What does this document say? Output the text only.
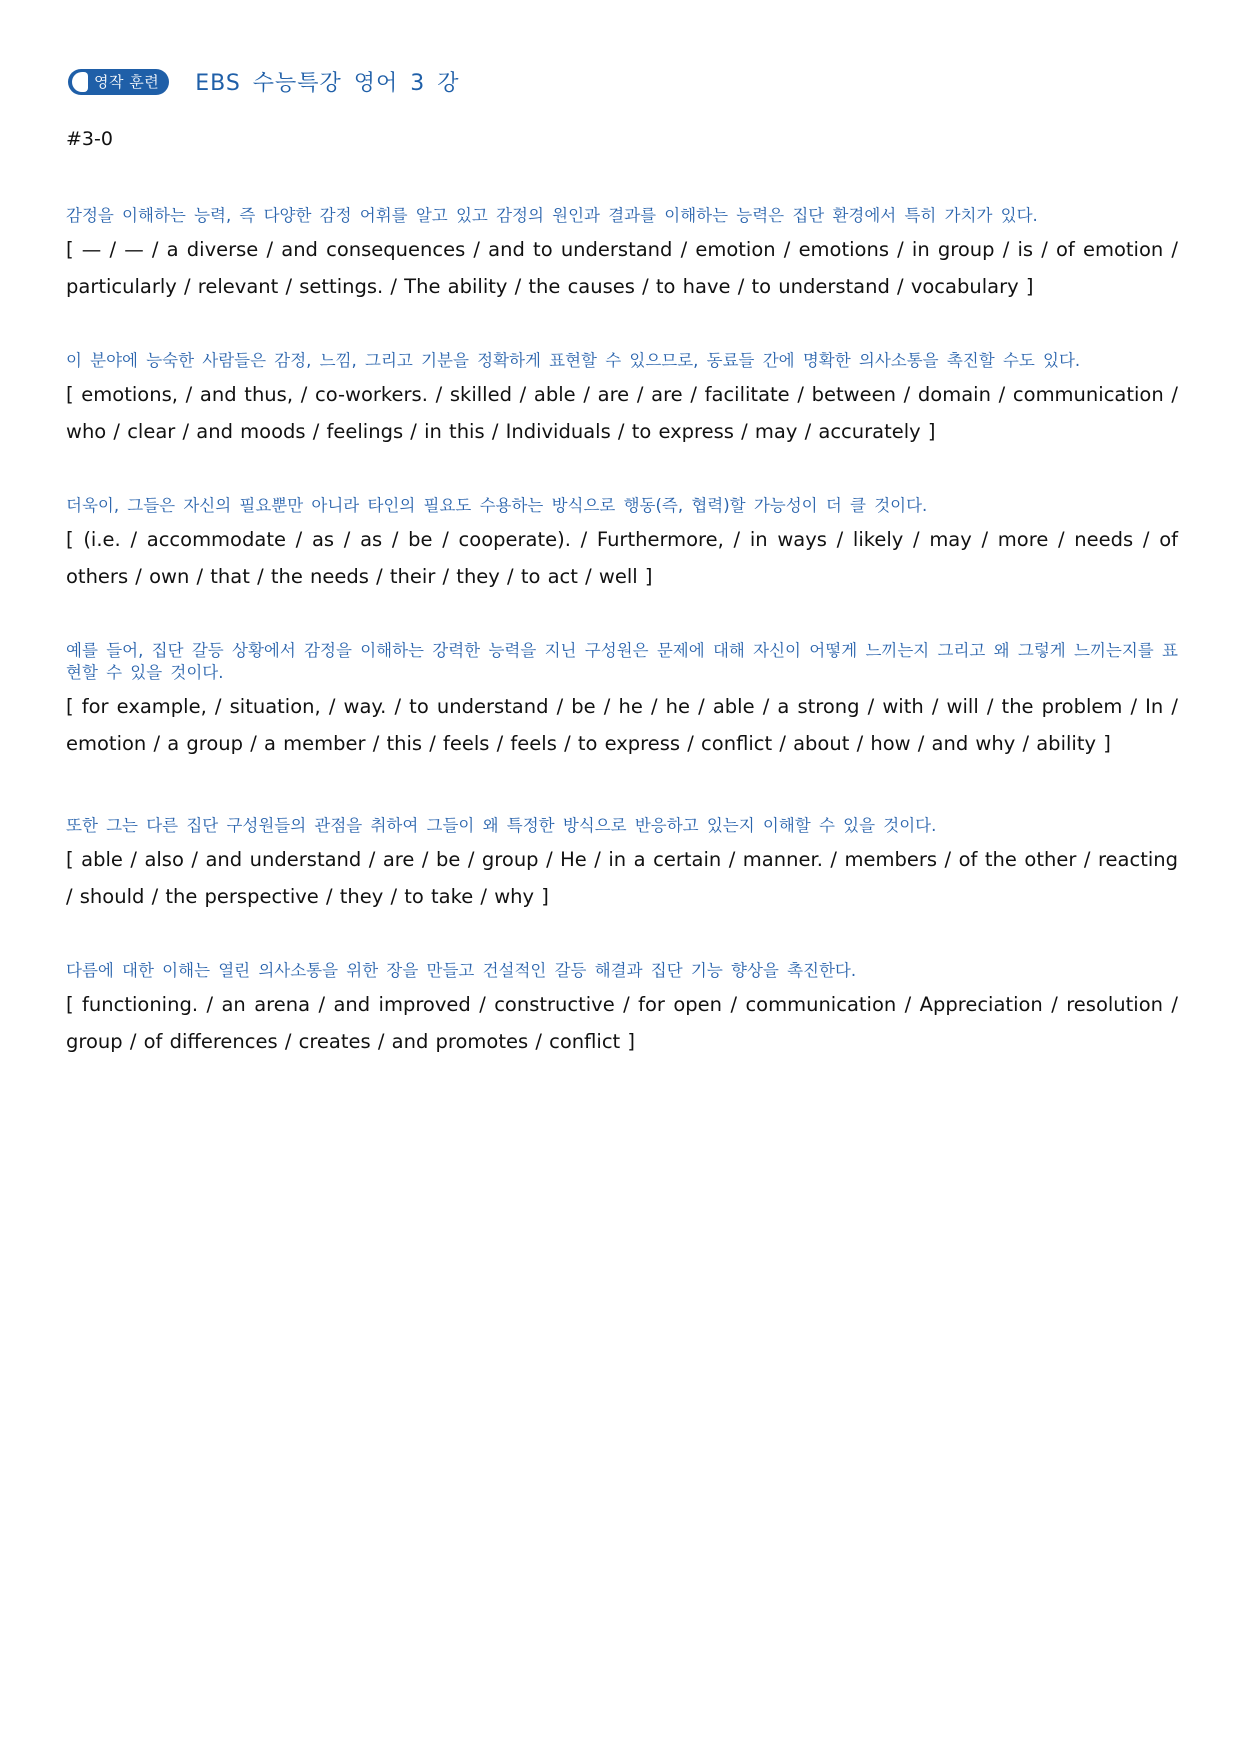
영작 훈련 EBS 수능특강 영어 3 강
#3-0
감정을 이해하는 능력, 즉 다양한 감정 어휘를 알고 있고 감정의 원인과 결과를 이해하는 능력은 집단 환경에서 특히 가치가 있다.
[ — / — / a diverse / and consequences / and to understand / emotion / emotions / in group / is / of emotion / particularly / relevant / settings. / The ability / the causes / to have / to understand / vocabulary ]
이 분야에 능숙한 사람들은 감정, 느낌, 그리고 기분을 정확하게 표현할 수 있으므로, 동료들 간에 명확한 의사소통을 촉진할 수도 있다.
[ emotions, / and thus, / co-workers. / skilled / able / are / are / facilitate / between / domain / communication / who / clear / and moods / feelings / in this / Individuals / to express / may / accurately ]
더욱이, 그들은 자신의 필요뿐만 아니라 타인의 필요도 수용하는 방식으로 행동(즉, 협력)할 가능성이 더 클 것이다.
[ (i.e. / accommodate / as / as / be / cooperate). / Furthermore, / in ways / likely / may / more / needs / of others / own / that / the needs / their / they / to act / well ]
예를 들어, 집단 갈등 상황에서 감정을 이해하는 강력한 능력을 지닌 구성원은 문제에 대해 자신이 어떻게 느끼는지 그리고 왜 그렇게 느끼는지를 표현할 수 있을 것이다.
[ for example, / situation, / way. / to understand / be / he / he / able / a strong / with / will / the problem / In / emotion / a group / a member / this / feels / feels / to express / conflict / about / how / and why / ability ]
또한 그는 다른 집단 구성원들의 관점을 취하여 그들이 왜 특정한 방식으로 반응하고 있는지 이해할 수 있을 것이다.
[ able / also / and understand / are / be / group / He / in a certain / manner. / members / of the other / reacting / should / the perspective / they / to take / why ]
다름에 대한 이해는 열린 의사소통을 위한 장을 만들고 건설적인 갈등 해결과 집단 기능 향상을 촉진한다.
[ functioning. / an arena / and improved / constructive / for open / communication / Appreciation / resolution / group / of differences / creates / and promotes / conflict ]
